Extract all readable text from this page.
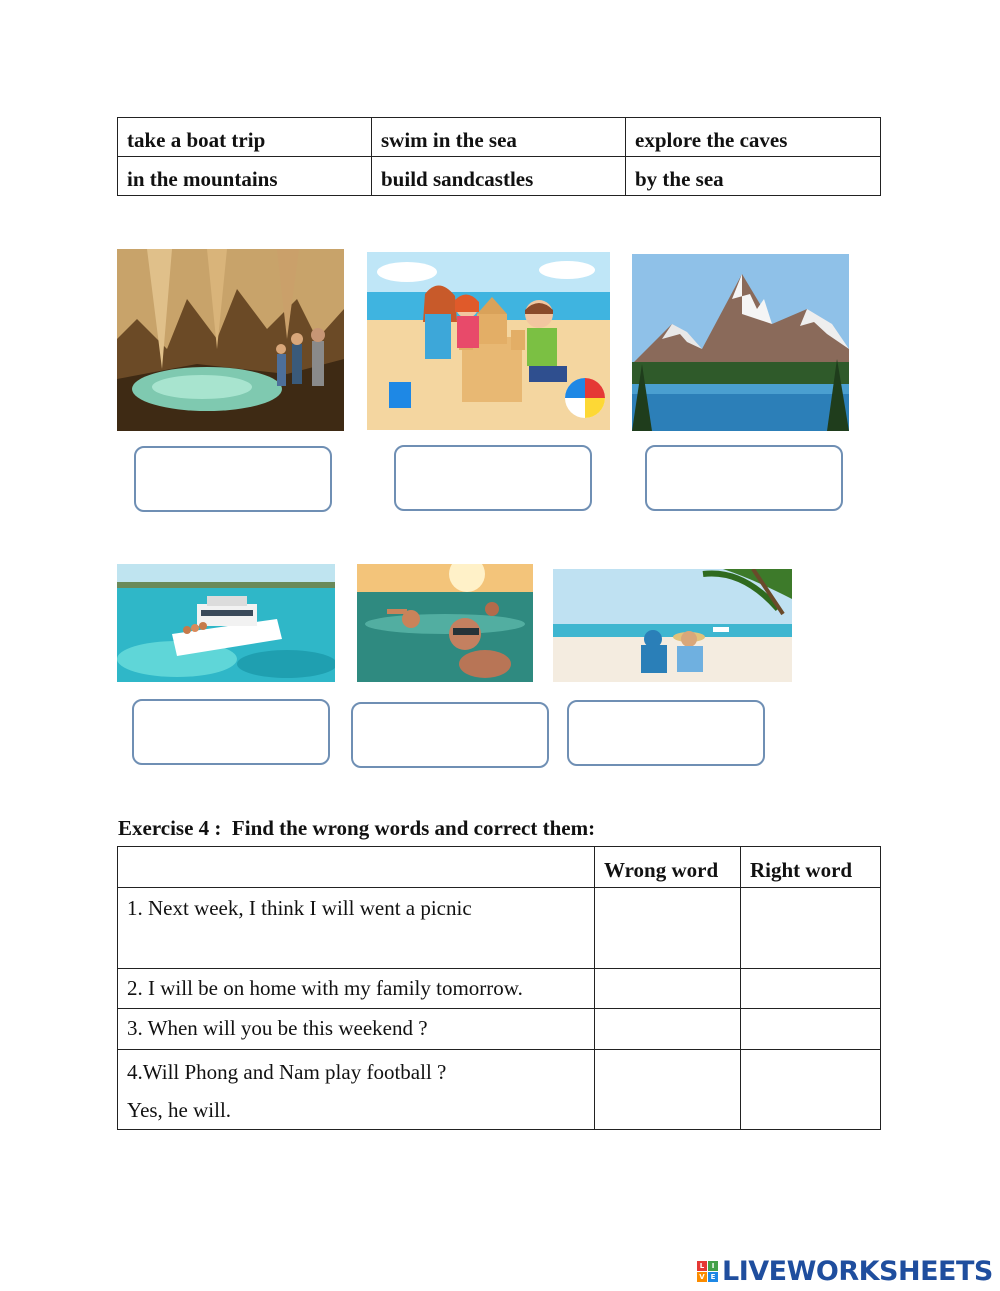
take a boat trip	swim in the sea	explore the caves
in the mountains	build sandcastles	by the sea
Exercise 4 :  Find the wrong words and correct them:
	Wrong word	Right word

1. Next week, I think I will went a picnic

2. I will be on home with my family tomorrow.

3. When will you be this weekend ?

4.Will Phong and Nam play football ?
Yes, he will.

L	I
V E LIVEWORKSHEETS
